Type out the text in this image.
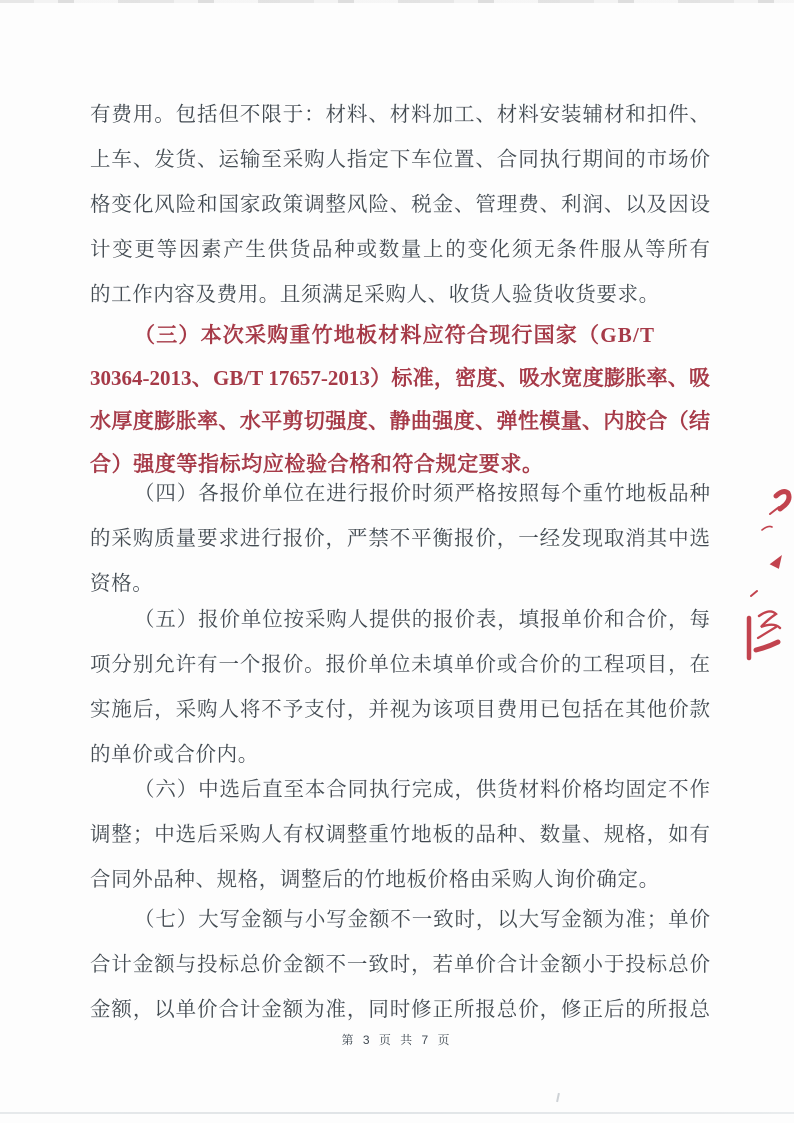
有费用。包括但不限于：材料、材料加工、材料安装辅材和扣件、
上车、发货、运输至采购人指定下车位置、合同执行期间的市场价
格变化风险和国家政策调整风险、税金、管理费、利润、以及因设
计变更等因素产生供货品种或数量上的变化须无条件服从等所有
的工作内容及费用。且须满足采购人、收货人验货收货要求。
（三）本次采购重竹地板材料应符合现行国家（GB/T
30364-2013、GB/T 17657-2013）标准，密度、吸水宽度膨胀率、吸
水厚度膨胀率、水平剪切强度、静曲强度、弹性模量、内胶合（结
合）强度等指标均应检验合格和符合规定要求。
（四）各报价单位在进行报价时须严格按照每个重竹地板品种
的采购质量要求进行报价，严禁不平衡报价，一经发现取消其中选
资格。
（五）报价单位按采购人提供的报价表，填报单价和合价，每
项分别允许有一个报价。报价单位未填单价或合价的工程项目，在
实施后，采购人将不予支付，并视为该项目费用已包括在其他价款
的单价或合价内。
（六）中选后直至本合同执行完成，供货材料价格均固定不作
调整；中选后采购人有权调整重竹地板的品种、数量、规格，如有
合同外品种、规格，调整后的竹地板价格由采购人询价确定。
（七）大写金额与小写金额不一致时，以大写金额为准；单价
合计金额与投标总价金额不一致时，若单价合计金额小于投标总价
金额，以单价合计金额为准，同时修正所报总价，修正后的所报总
第 3 页 共 7 页
